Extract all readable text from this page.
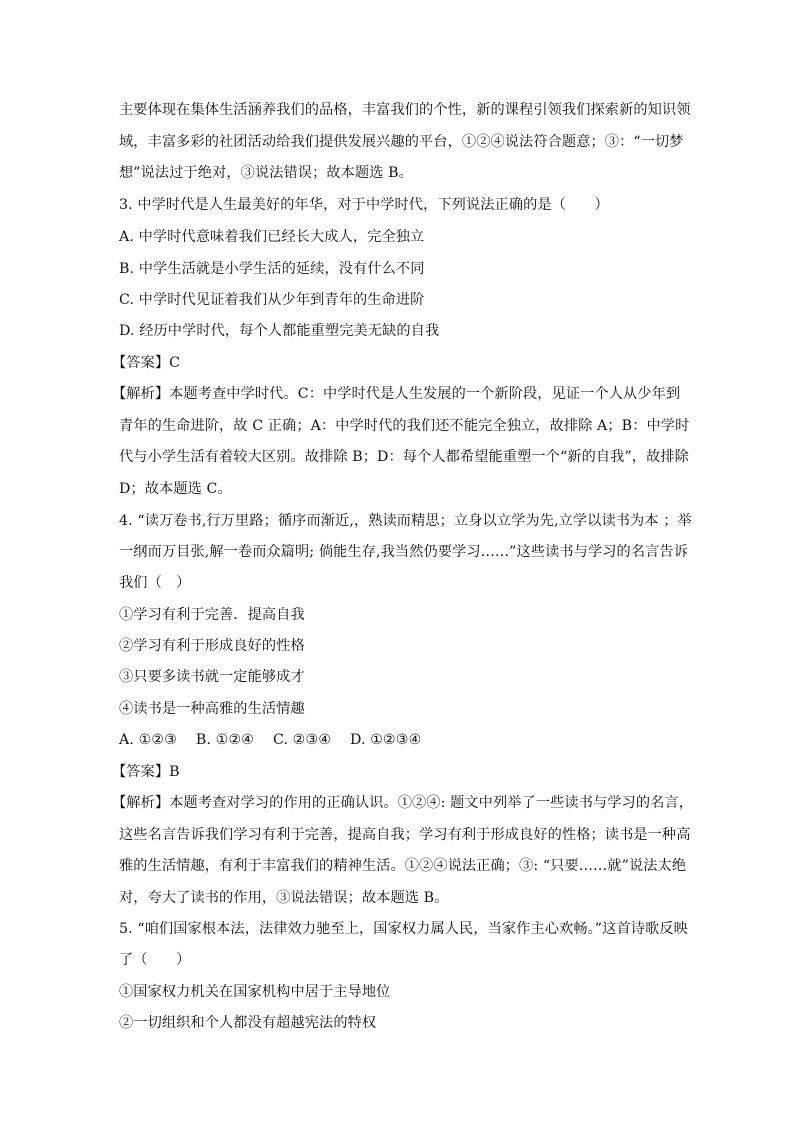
主要体现在集体生活涵养我们的品格，丰富我们的个性，新的课程引领我们探索新的知识领
域，丰富多彩的社团活动给我们提供发展兴趣的平台，①②④说法符合题意；③：“一切梦
想”说法过于绝对，③说法错误；故本题选 B。
3. 中学时代是人生最美好的年华，对于中学时代，下列说法正确的是（　　）
A. 中学时代意味着我们已经长大成人，完全独立
B. 中学生活就是小学生活的延续，没有什么不同
C. 中学时代见证着我们从少年到青年的生命进阶
D. 经历中学时代，每个人都能重塑完美无缺的自我
【答案】C
【解析】本题考查中学时代。C：中学时代是人生发展的一个新阶段，见证一个人从少年到
青年的生命进阶，故 C 正确；A：中学时代的我们还不能完全独立，故排除 A；B：中学时
代与小学生活有着较大区别。故排除 B；D：每个人都希望能重塑一个“新的自我”，故排除
D；故本题选 C。
4. “读万卷书,行万里路；循序而渐近,，熟读而精思；立身以立学为先,立学以读书为本 ；举
一纲而万目张,解一卷而众篇明; 倘能生存,我当然仍要学习……”这些读书与学习的名言告诉
我们（　）
①学习有利于完善．提高自我
②学习有利于形成良好的性格
③只要多读书就一定能够成才
④读书是一种高雅的生活情趣
A. ①②③　 B. ①②④　 C. ②③④　 D. ①②③④
【答案】B
【解析】本题考查对学习的作用的正确认识。①②④: 题文中列举了一些读书与学习的名言，
这些名言告诉我们学习有利于完善，提高自我；学习有利于形成良好的性格；读书是一种高
雅的生活情趣，有利于丰富我们的精神生活。①②④说法正确；③: “只要……就”说法太绝
对，夸大了读书的作用，③说法错误；故本题选 B。
5. “咱们国家根本法，法律效力驰至上，国家权力属人民，当家作主心欢畅。”这首诗歌反映
了（　　）
①国家权力机关在国家机构中居于主导地位
②一切组织和个人都没有超越宪法的特权
